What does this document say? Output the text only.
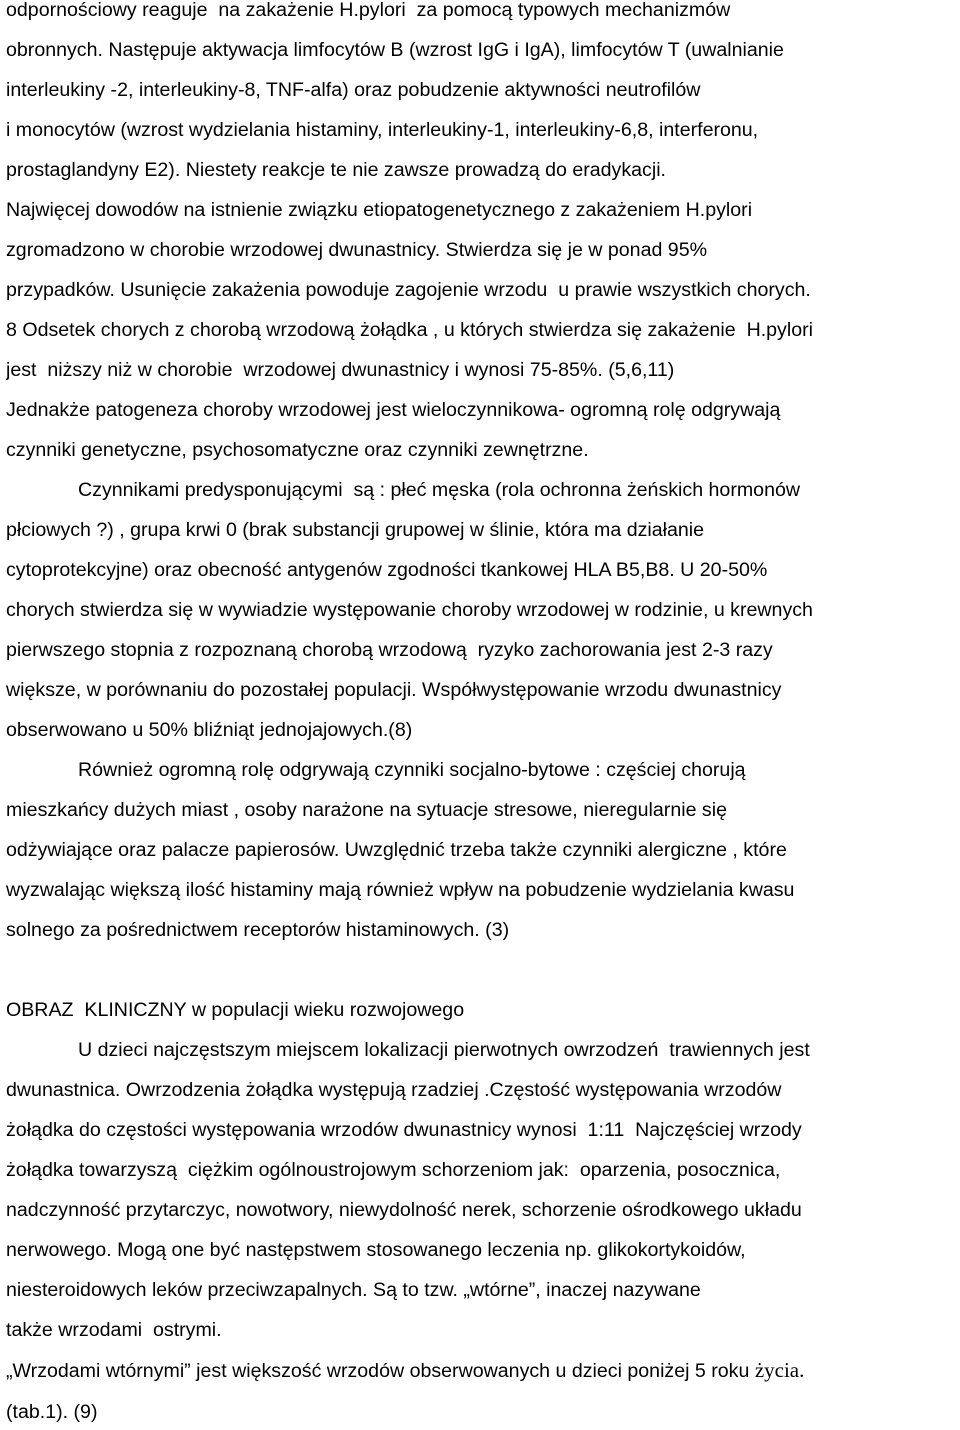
odpornościowy reaguje  na zakażenie H.pylori  za pomocą typowych mechanizmów

obronnych. Następuje aktywacja limfocytów B (wzrost IgG i IgA), limfocytów T (uwalnianie

interleukiny -2, interleukiny-8, TNF-alfa) oraz pobudzenie aktywności neutrofilów

i monocytów (wzrost wydzielania histaminy, interleukiny-1, interleukiny-6,8, interferonu,

prostaglandyny E2). Niestety reakcje te nie zawsze prowadzą do eradykacji.

Najwięcej dowodów na istnienie związku etiopatogenetycznego z zakażeniem H.pylori

zgromadzono w chorobie wrzodowej dwunastnicy. Stwierdza się je w ponad 95%

przypadków. Usunięcie zakażenia powoduje zagojenie wrzodu  u prawie wszystkich chorych.

8 Odsetek chorych z chorobą wrzodową żołądka , u których stwierdza się zakażenie  H.pylori

jest  niższy niż w chorobie  wrzodowej dwunastnicy i wynosi 75-85%. (5,6,11)

Jednakże patogeneza choroby wrzodowej jest wieloczynnikowa- ogromną rolę odgrywają

czynniki genetyczne, psychosomatyczne oraz czynniki zewnętrzne.

Czynnikami predysponującymi  są : płeć męska (rola ochronna żeńskich hormonów

płciowych ?) , grupa krwi 0 (brak substancji grupowej w ślinie, która ma działanie

cytoprotekcyjne) oraz obecność antygenów zgodności tkankowej HLA B5,B8. U 20-50%

chorych stwierdza się w wywiadzie występowanie choroby wrzodowej w rodzinie, u krewnych

pierwszego stopnia z rozpoznaną chorobą wrzodową  ryzyko zachorowania jest 2-3 razy

większe, w porównaniu do pozostałej populacji. Współwystępowanie wrzodu dwunastnicy

obserwowano u 50% bliźniąt jednojajowych.(8)

Również ogromną rolę odgrywają czynniki socjalno-bytowe : częściej chorują

mieszkańcy dużych miast , osoby narażone na sytuacje stresowe, nieregularnie się

odżywiające oraz palacze papierosów. Uwzględnić trzeba także czynniki alergiczne , które

wyzwalając większą ilość histaminy mają również wpływ na pobudzenie wydzielania kwasu

solnego za pośrednictwem receptorów histaminowych. (3)

OBRAZ  KLINICZNY w populacji wieku rozwojowego

U dzieci najczęstszym miejscem lokalizacji pierwotnych owrzodzeń  trawiennych jest

dwunastnica. Owrzodzenia żołądka występują rzadziej .Częstość występowania wrzodów

żołądka do częstości występowania wrzodów dwunastnicy wynosi  1:11  Najczęściej wrzody

żołądka towarzyszą  ciężkim ogólnoustrojowym schorzeniom jak:  oparzenia, posocznica,

nadczynność przytarczyc, nowotwory, niewydolność nerek, schorzenie ośrodkowego układu

nerwowego. Mogą one być następstwem stosowanego leczenia np. glikokortykoidów,

niesteroidowych leków przeciwzapalnych. Są to tzw. „wtórne”, inaczej nazywane

także wrzodami  ostrymi.

„Wrzodami wtórnymi” jest większość wrzodów obserwowanych u dzieci poniżej 5 roku życia.

(tab.1). (9)
